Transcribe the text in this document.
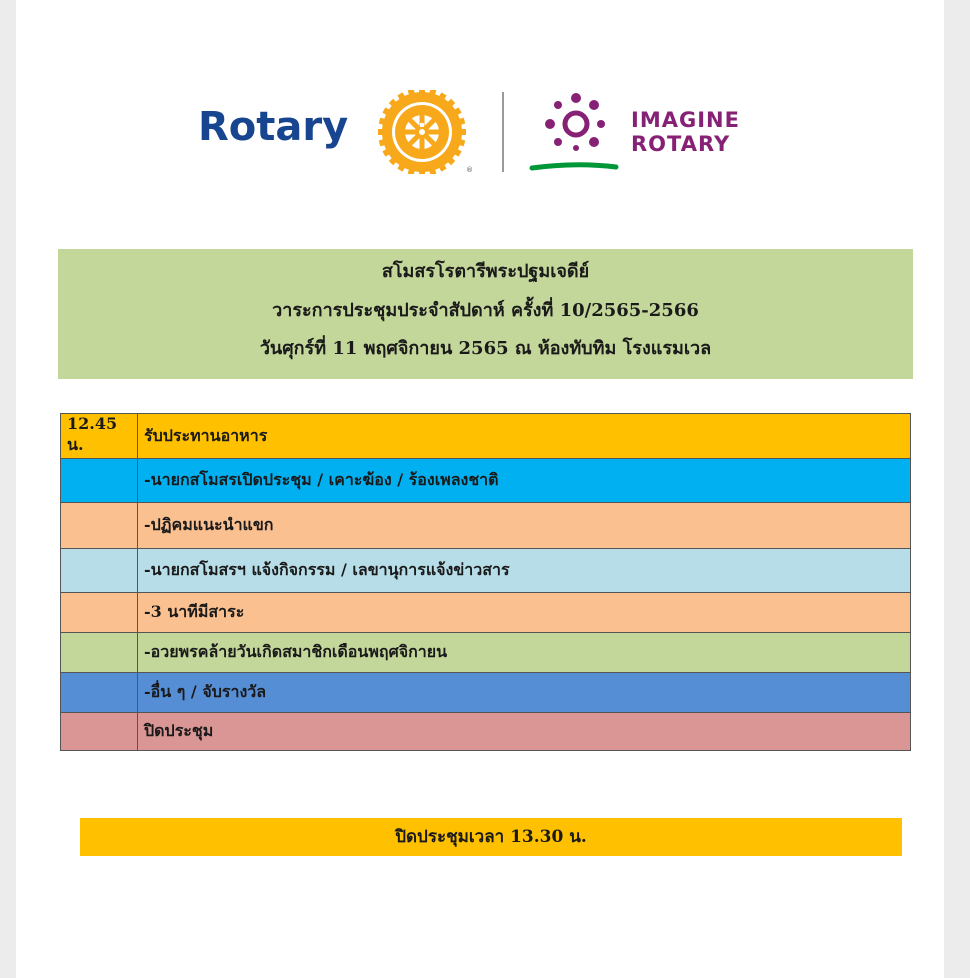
Rotary
®
IMAGINE
ROTARY
สโมสรโรตารีพระปฐมเจดีย์
วาระการประชุมประจำสัปดาห์ ครั้งที่ 10/2565-2566
วันศุกร์ที่ 11 พฤศจิกายน 2565 ณ ห้องทับทิม โรงแรมเวล
12.45 น.	รับประทานอาหาร
	-นายกสโมสรเปิดประชุม / เคาะฆ้อง / ร้องเพลงชาติ
	-ปฏิคมแนะนำแขก
	-นายกสโมสรฯ แจ้งกิจกรรม / เลขานุการแจ้งข่าวสาร
	-3 นาทีมีสาระ
	-อวยพรคล้ายวันเกิดสมาชิกเดือนพฤศจิกายน
	-อื่น ๆ / จับรางวัล
	ปิดประชุม
ปิดประชุมเวลา 13.30 น.
